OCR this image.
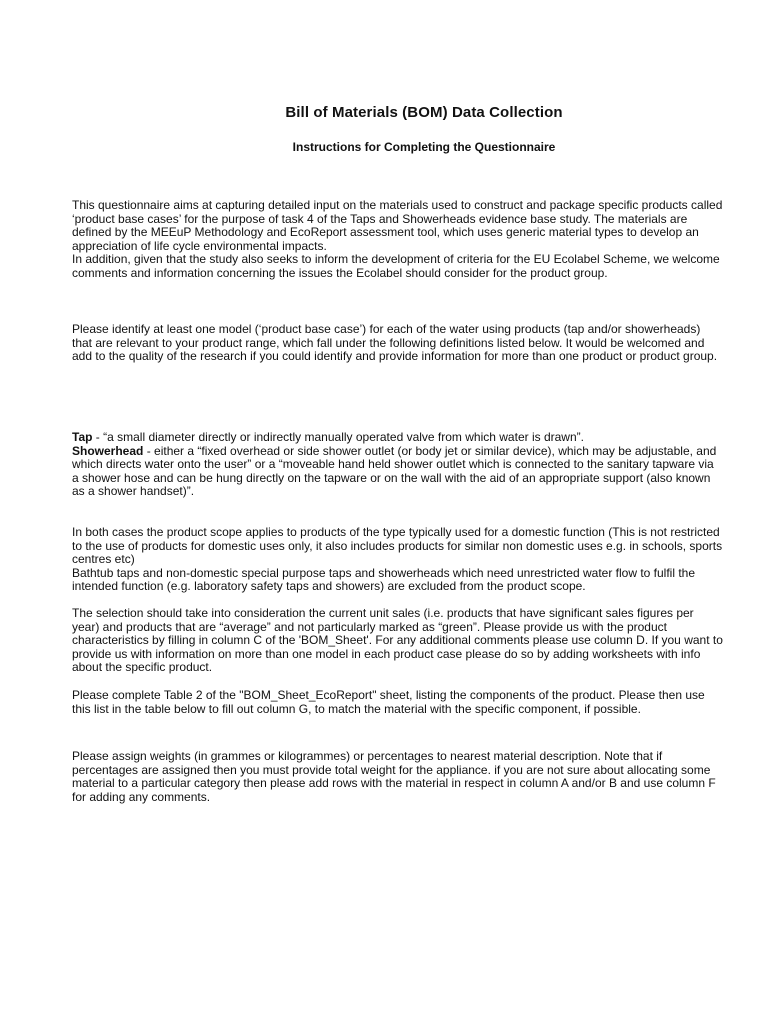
Bill of Materials (BOM) Data Collection
Instructions for Completing the Questionnaire
This questionnaire aims at capturing detailed input on the materials used to construct and package specific products called
‘product base cases’ for the purpose of task 4 of the Taps and Showerheads evidence base study. The materials are
defined by the MEEuP Methodology and EcoReport assessment tool, which uses generic material types to develop an
appreciation of life cycle environmental impacts.
In addition, given that the study also seeks to inform the development of criteria for the EU Ecolabel Scheme, we welcome
comments and information concerning the issues the Ecolabel should consider for the product group.
Please identify at least one model (‘product base case’) for each of the water using products (tap and/or showerheads)
that are relevant to your product range, which fall under the following definitions listed below. It would be welcomed and
add to the quality of the research if you could identify and provide information for more than one product or product group.
Tap - “a small diameter directly or indirectly manually operated valve from which water is drawn”.
Showerhead - either a “fixed overhead or side shower outlet (or body jet or similar device), which may be adjustable, and
which directs water onto the user” or a “moveable hand held shower outlet which is connected to the sanitary tapware via
a shower hose and can be hung directly on the tapware or on the wall with the aid of an appropriate support (also known
as a shower handset)”.
In both cases the product scope applies to products of the type typically used for a domestic function (This is not restricted
to the use of products for domestic uses only, it also includes products for similar non domestic uses e.g. in schools, sports
centres etc)
Bathtub taps and non-domestic special purpose taps and showerheads which need unrestricted water flow to fulfil the
intended function (e.g. laboratory safety taps and showers) are excluded from the product scope.
The selection should take into consideration the current unit sales (i.e. products that have significant sales figures per
year) and products that are “average” and not particularly marked as “green”. Please provide us with the product
characteristics by filling in column C of the 'BOM_Sheet'. For any additional comments please use column D. If you want to
provide us with information on more than one model in each product case please do so by adding worksheets with info
about the specific product.
Please complete Table 2 of the "BOM_Sheet_EcoReport" sheet, listing the components of the product. Please then use
this list in the table below to fill out column G, to match the material with the specific component, if possible.
Please assign weights (in grammes or kilogrammes) or percentages to nearest material description. Note that if
percentages are assigned then you must provide total weight for the appliance. if you are not sure about allocating some
material to a particular category then please add rows with the material in respect in column A and/or B and use column F
for adding any comments.
